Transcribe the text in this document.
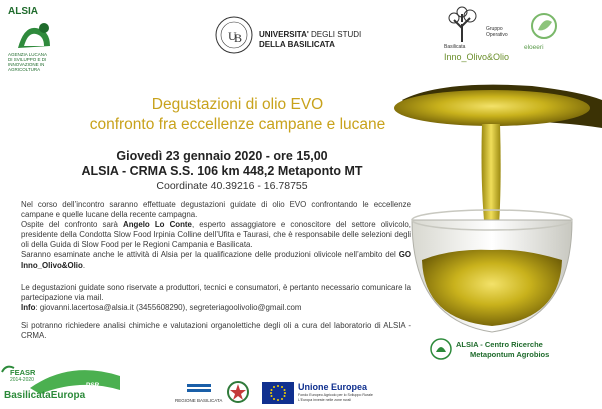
ALSIA
AGENZIA LUCANA DI SVILUPPO E DI INNOVAZIONE IN AGRICOLTURA
U
B UNIVERSITA' DEGLI STUDI
DELLA BASILICATA
Gruppo
Operativo
Basilicata
Inno_Olivo&Olio
eloeeri
Degustazioni di olio EVO
confronto fra eccellenze campane e lucane
Giovedì 23 gennaio 2020 - ore 15,00
ALSIA - CRMA S.S. 106 km 448,2 Metaponto MT
Coordinate 40.39216 - 16.78755
Nel corso dell’incontro saranno effettuate degustazioni guidate di olio EVO confrontando le eccellenze campane e quelle lucane della recente campagna.
Ospite del confronto sarà Angelo Lo Conte, esperto assaggiatore e conoscitore del settore olivicolo, presidente della Condotta Slow Food Irpinia Colline dell’Ufita e Taurasi, che è responsabile delle selezioni degli oli della Guida di Slow Food per le Regioni Campania e Basilicata.
Saranno esaminate anche le attività di Alsia per la qualificazione delle produzioni olivicole nell’ambito del GO Inno_Olivo&Olio.
Le degustazioni guidate sono riservate a produttori, tecnici e consumatori, è pertanto necessario comunicare la partecipazione via mail.
Info: giovanni.lacertosa@alsia.it (3455608290), segreteriagoolivolio@gmail.com
Si potranno richiedere analisi chimiche e valutazioni organolettiche degli oli a cura del laboratorio di ALSIA - CRMA.
ALSIA - Centro Ricerche
Metapontum Agrobios
FEASR
2014-2020
PSR
BasilicataEuropa	REGIONE BASILICATA
Unione Europea
Fondo Europeo Agricolo per lo Sviluppo Rurale
L'Europa investe nelle zone rurali
